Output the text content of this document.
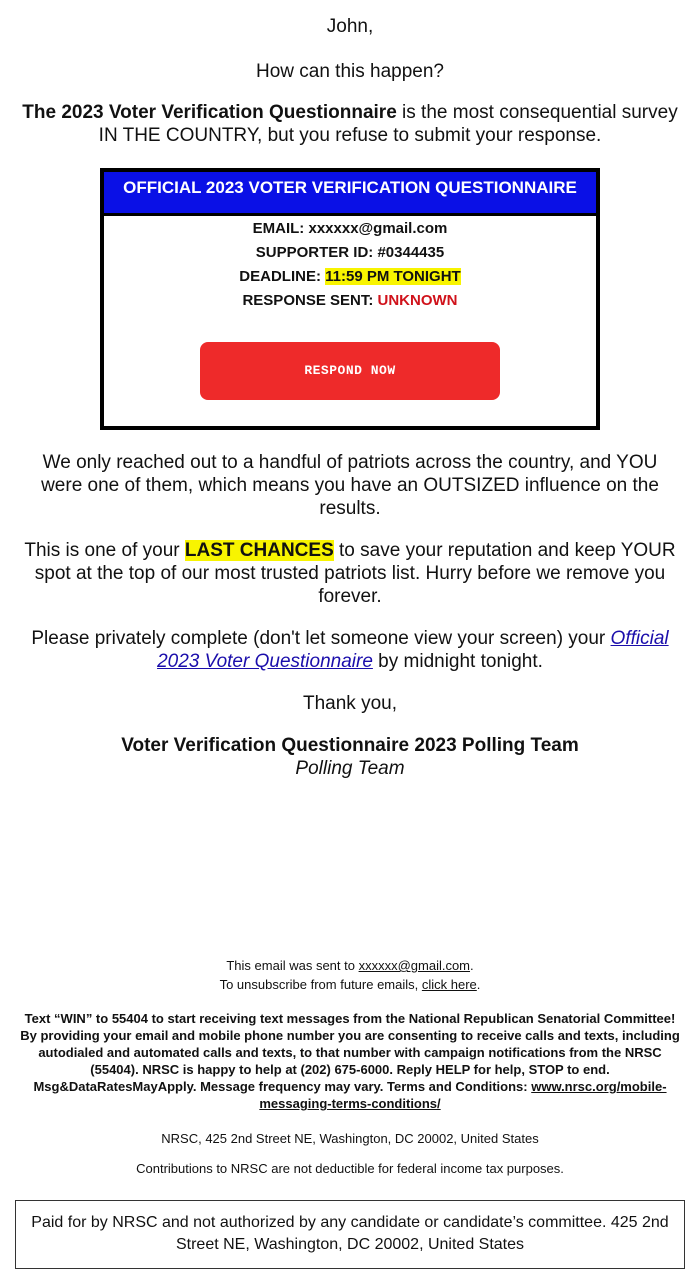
John,
How can this happen?
The 2023 Voter Verification Questionnaire is the most consequential survey IN THE COUNTRY, but you refuse to submit your response.
OFFICIAL 2023 VOTER VERIFICATION QUESTIONNAIRE
EMAIL: xxxxxx@gmail.com
SUPPORTER ID: #0344435
DEADLINE: 11:59 PM TONIGHT
RESPONSE SENT: UNKNOWN
RESPOND NOW
We only reached out to a handful of patriots across the country, and YOU were one of them, which means you have an OUTSIZED influence on the results.
This is one of your LAST CHANCES to save your reputation and keep YOUR spot at the top of our most trusted patriots list. Hurry before we remove you forever.
Please privately complete (don't let someone view your screen) your Official 2023 Voter Questionnaire by midnight tonight.
Thank you,
Voter Verification Questionnaire 2023 Polling Team
Polling Team
This email was sent to xxxxxx@gmail.com.
To unsubscribe from future emails, click here.
Text “WIN” to 55404 to start receiving text messages from the National Republican Senatorial Committee! By providing your email and mobile phone number you are consenting to receive calls and texts, including autodialed and automated calls and texts, to that number with campaign notifications from the NRSC (55404). NRSC is happy to help at (202) 675-6000. Reply HELP for help, STOP to end. Msg&DataRatesMayApply. Message frequency may vary. Terms and Conditions: www.nrsc.org/mobile-messaging-terms-conditions/
NRSC, 425 2nd Street NE, Washington, DC 20002, United States
Contributions to NRSC are not deductible for federal income tax purposes.
Paid for by NRSC and not authorized by any candidate or candidate’s committee. 425 2nd Street NE, Washington, DC 20002, United States
